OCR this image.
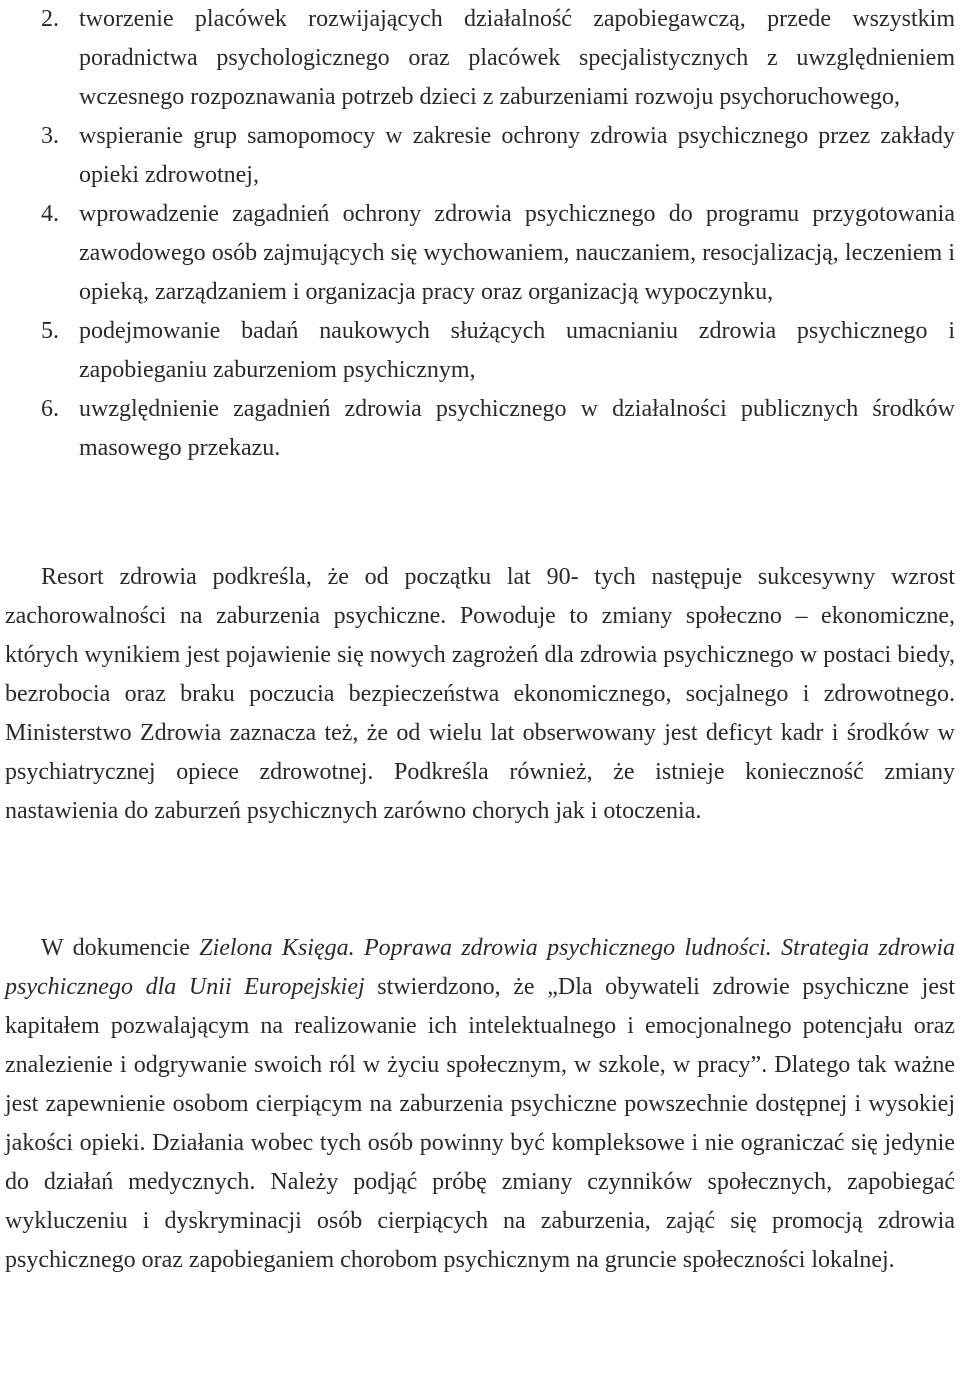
2. tworzenie placówek rozwijających działalność zapobiegawczą, przede wszystkim poradnictwa psychologicznego oraz placówek specjalistycznych z uwzględnieniem wczesnego rozpoznawania potrzeb dzieci z zaburzeniami rozwoju psychoruchowego,
3. wspieranie grup samopomocy w zakresie ochrony zdrowia psychicznego przez zakłady opieki zdrowotnej,
4. wprowadzenie zagadnień ochrony zdrowia psychicznego do programu przygotowania zawodowego osób zajmujących się wychowaniem, nauczaniem, resocjalizacją, leczeniem i opieką, zarządzaniem i organizacja pracy oraz organizacją wypoczynku,
5. podejmowanie badań naukowych służących umacnianiu zdrowia psychicznego i zapobieganiu zaburzeniom psychicznym,
6. uwzględnienie zagadnień zdrowia psychicznego w działalności publicznych środków masowego przekazu.

Resort zdrowia podkreśla, że od początku lat 90- tych następuje sukcesywny wzrost zachorowalności na zaburzenia psychiczne. Powoduje to zmiany społeczno – ekonomiczne, których wynikiem jest pojawienie się nowych zagrożeń dla zdrowia psychicznego w postaci biedy, bezrobocia oraz braku poczucia bezpieczeństwa ekonomicznego, socjalnego i zdrowotnego. Ministerstwo Zdrowia zaznacza też, że od wielu lat obserwowany jest deficyt kadr i środków w psychiatrycznej opiece zdrowotnej. Podkreśla również, że istnieje konieczność zmiany nastawienia do zaburzeń psychicznych zarówno chorych jak i otoczenia.

W dokumencie Zielona Księga. Poprawa zdrowia psychicznego ludności. Strategia zdrowia psychicznego dla Unii Europejskiej stwierdzono, że „Dla obywateli zdrowie psychiczne jest kapitałem pozwalającym na realizowanie ich intelektualnego i emocjonalnego potencjału oraz znalezienie i odgrywanie swoich ról w życiu społecznym, w szkole, w pracy”. Dlatego tak ważne jest zapewnienie osobom cierpiącym na zaburzenia psychiczne powszechnie dostępnej i wysokiej jakości opieki. Działania wobec tych osób powinny być kompleksowe i nie ograniczać się jedynie do działań medycznych. Należy podjąć próbę zmiany czynników społecznych, zapobiegać wykluczeniu i dyskryminacji osób cierpiących na zaburzenia, zająć się promocją zdrowia psychicznego oraz zapobieganiem chorobom psychicznym na gruncie społeczności lokalnej.
